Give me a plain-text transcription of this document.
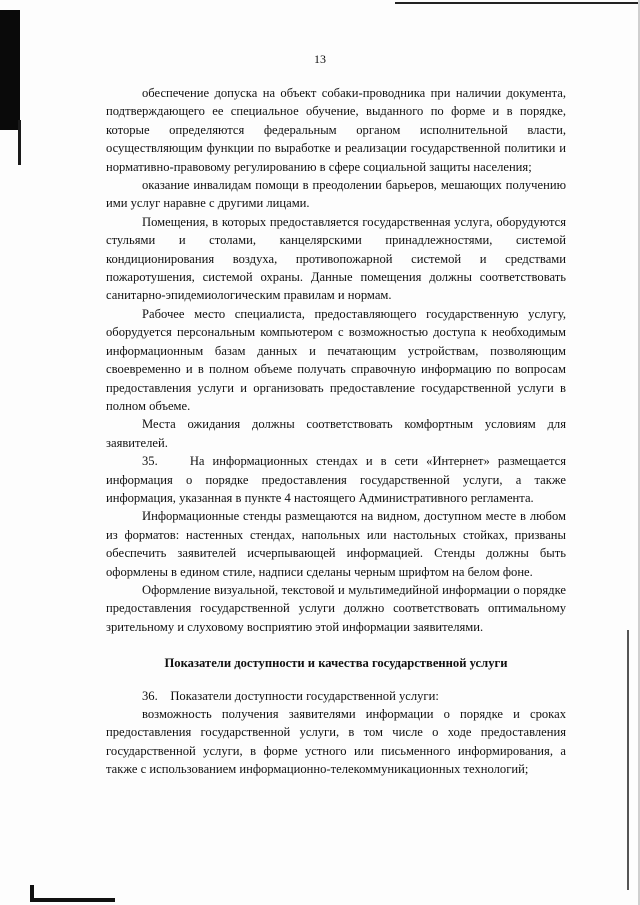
13

обеспечение допуска на объект собаки-проводника при наличии документа, подтверждающего ее специальное обучение, выданного по форме и в порядке, которые определяются федеральным органом исполнительной власти, осуществляющим функции по выработке и реализации государственной политики и нормативно-правовому регулированию в сфере социальной защиты населения;

оказание инвалидам помощи в преодолении барьеров, мешающих получению ими услуг наравне с другими лицами.

Помещения, в которых предоставляется государственная услуга, оборудуются стульями и столами, канцелярскими принадлежностями, системой кондиционирования воздуха, противопожарной системой и средствами пожаротушения, системой охраны. Данные помещения должны соответствовать санитарно-эпидемиологическим правилам и нормам.

Рабочее место специалиста, предоставляющего государственную услугу, оборудуется персональным компьютером с возможностью доступа к необходимым информационным базам данных и печатающим устройствам, позволяющим своевременно и в полном объеме получать справочную информацию по вопросам предоставления услуги и организовать предоставление государственной услуги в полном объеме.

Места ожидания должны соответствовать комфортным условиям для заявителей.

35.    На информационных стендах и в сети «Интернет» размещается информация о порядке предоставления государственной услуги, а также информация, указанная в пункте 4 настоящего Административного регламента.

Информационные стенды размещаются на видном, доступном месте в любом из форматов: настенных стендах, напольных или настольных стойках, призваны обеспечить заявителей исчерпывающей информацией. Стенды должны быть оформлены в едином стиле, надписи сделаны черным шрифтом на белом фоне.

Оформление визуальной, текстовой и мультимедийной информации о порядке предоставления государственной услуги должно соответствовать оптимальному зрительному и слуховому восприятию этой информации заявителями.

Показатели доступности и качества государственной услуги

36.    Показатели доступности государственной услуги:

возможность получения заявителями информации о порядке и сроках предоставления государственной услуги, в том числе о ходе предоставления государственной услуги, в форме устного или письменного информирования, а также с использованием информационно-телекоммуникационных технологий;
